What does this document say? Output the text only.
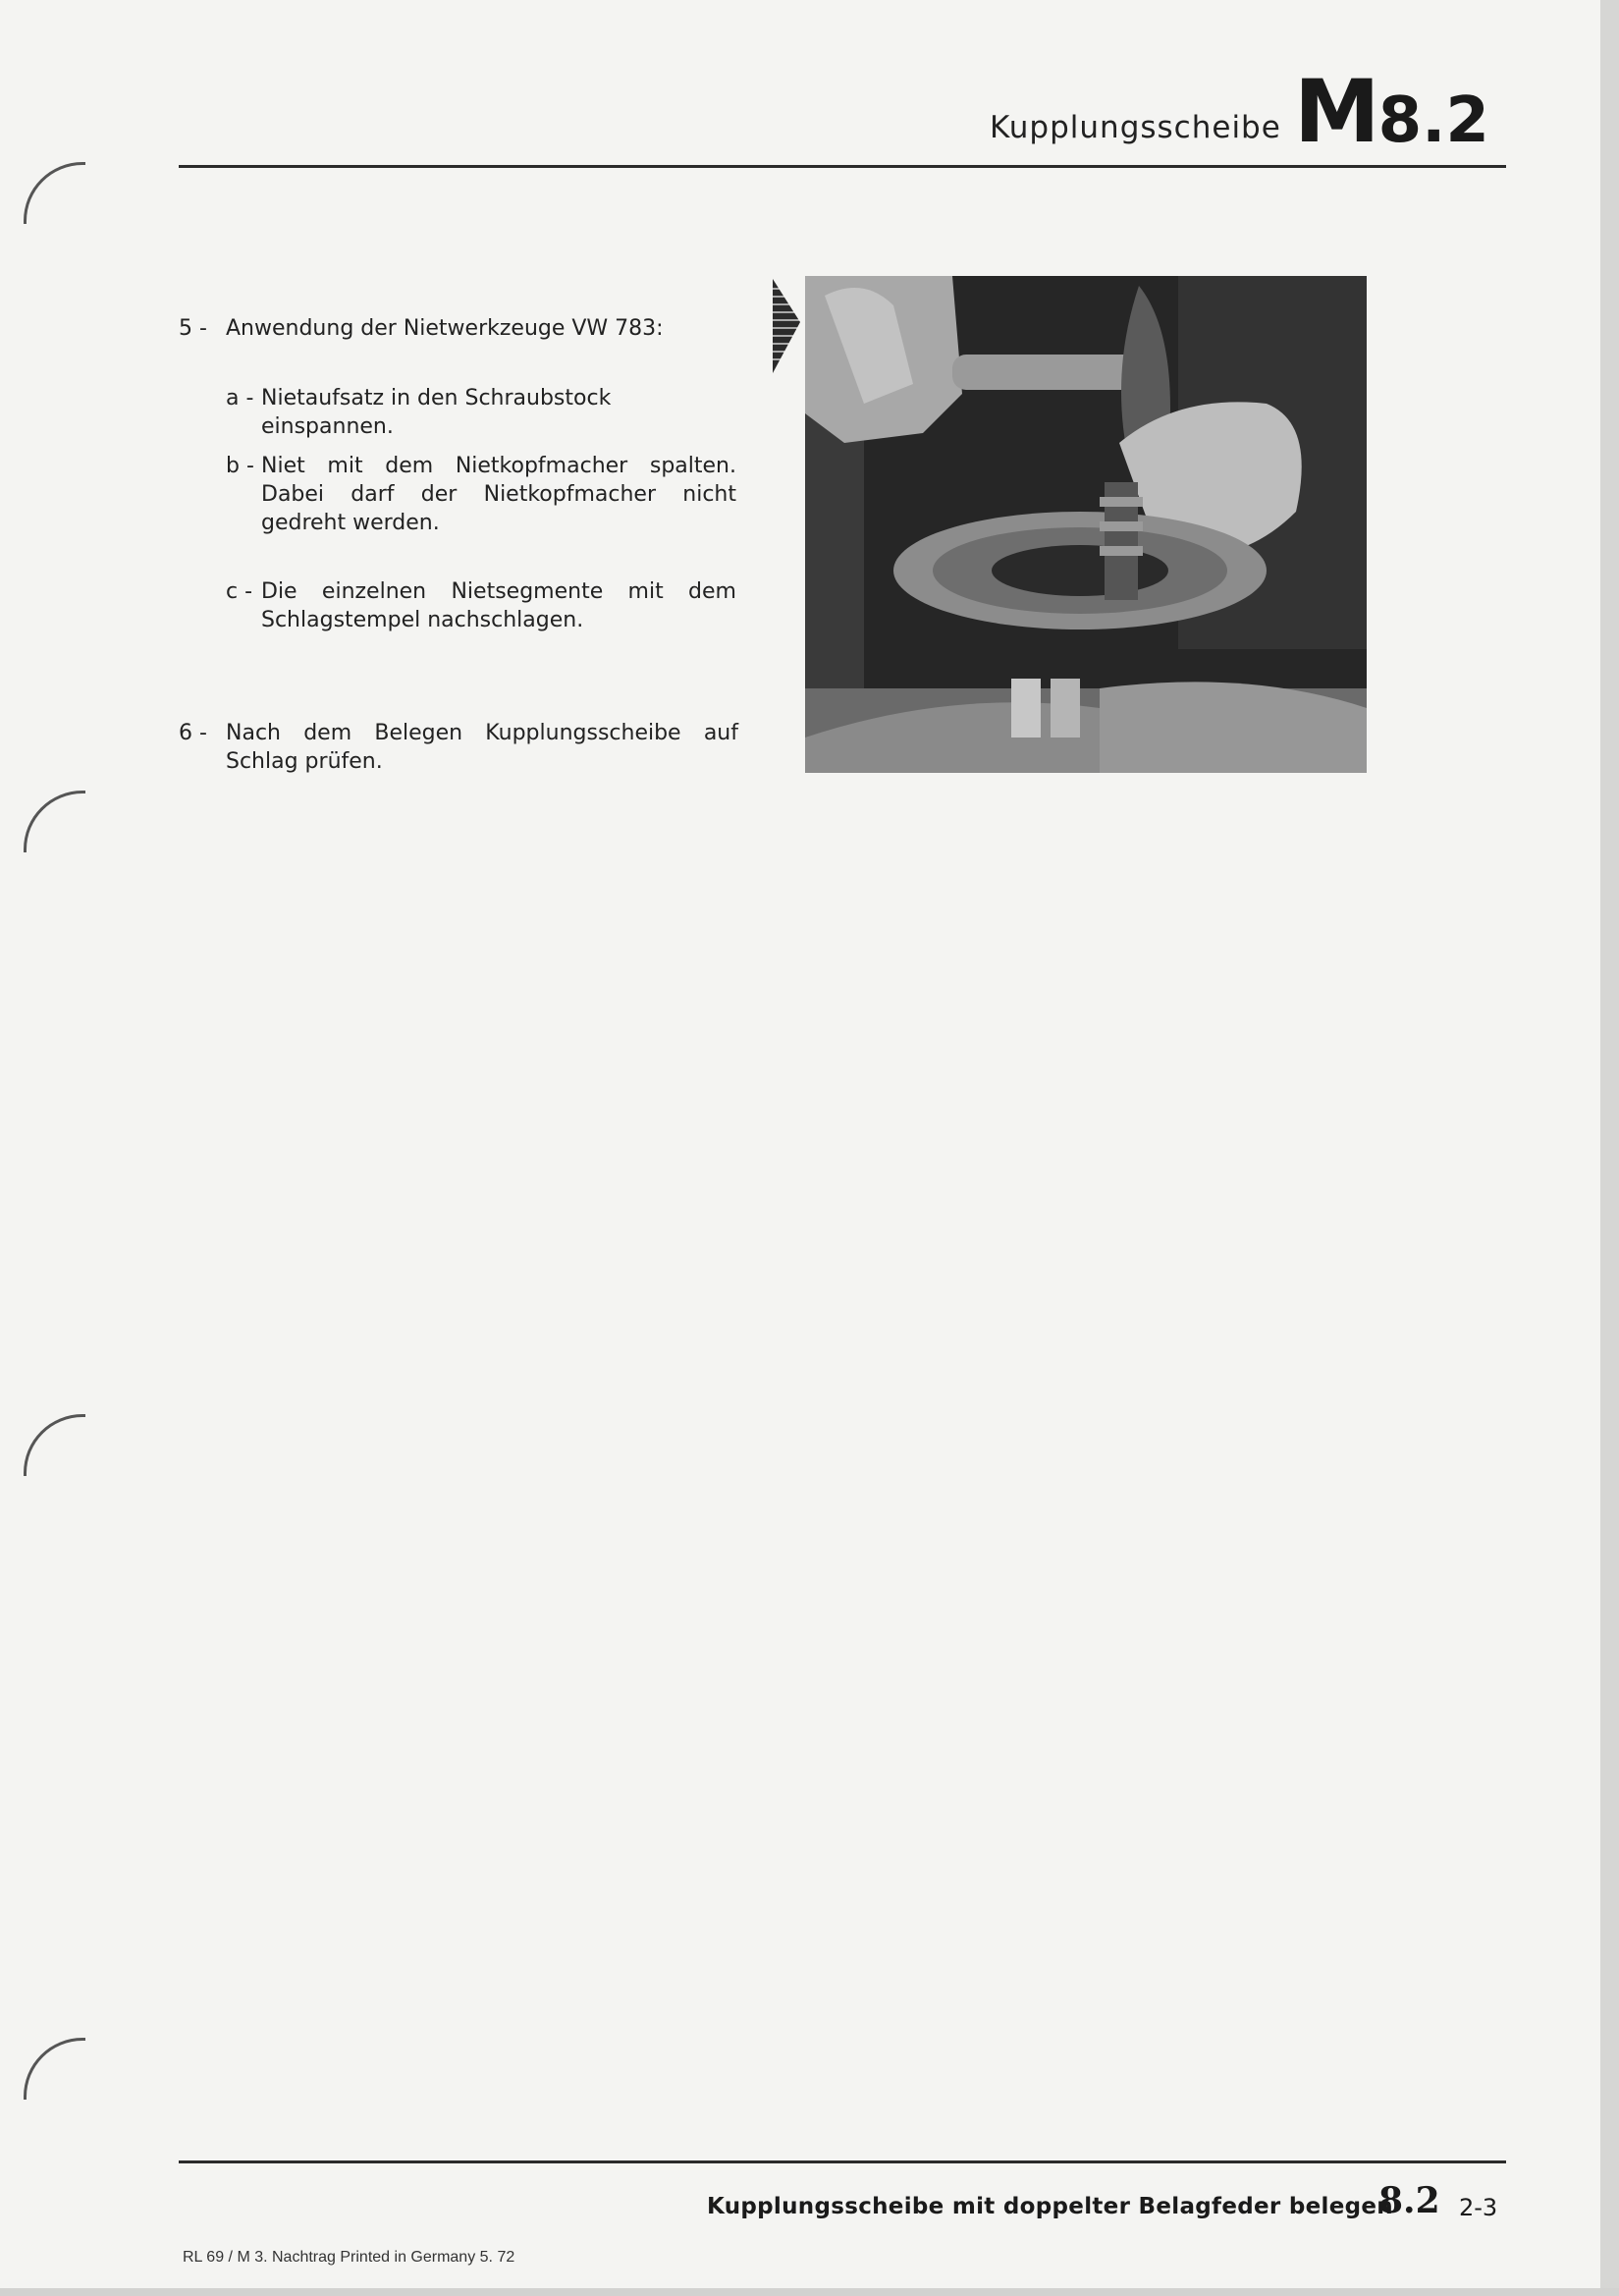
Kupplungsscheibe M8.2
5 - Anwendung der Nietwerkzeuge VW 783:
a - Nietaufsatz in den Schraubstock einspannen.
b - Niet mit dem Nietkopfmacher spalten. Dabei darf der Nietkopfmacher nicht gedreht werden.
c - Die einzelnen Nietsegmente mit dem Schlagstempel nachschlagen.
6 - Nach dem Belegen Kupplungsscheibe auf Schlag prüfen.
Kupplungsscheibe mit doppelter Belagfeder belegen
8.2 2-3
RL 69 / M 3. Nachtrag Printed in Germany 5. 72
